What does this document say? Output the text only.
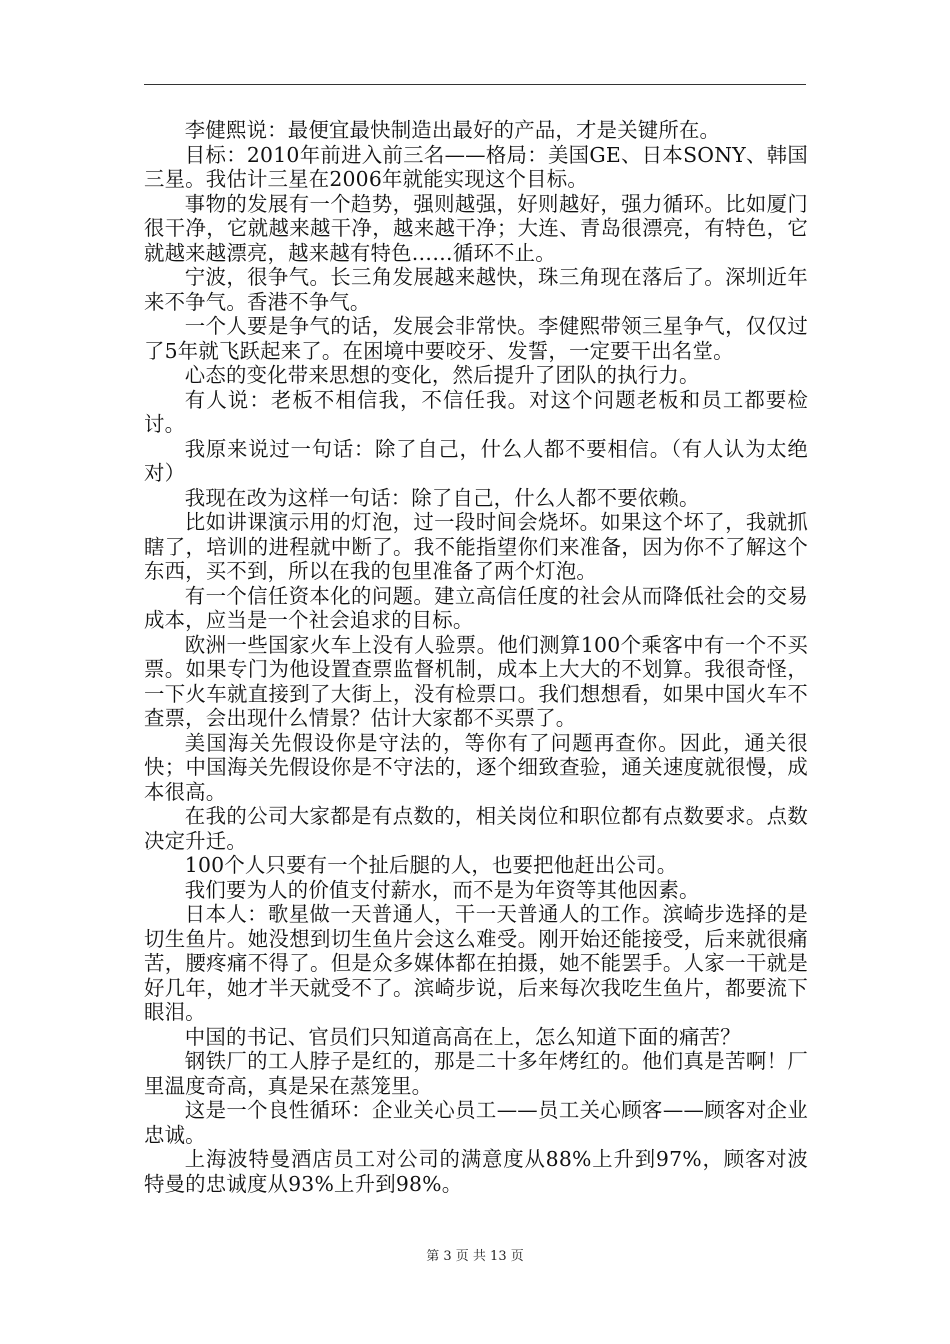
李健熙说：最便宜最快制造出最好的产品，才是关键所在。

目标：2010年前进入前三名——格局：美国GE、日本SONY、韩国三星。我估计三星在2006年就能实现这个目标。

事物的发展有一个趋势，强则越强，好则越好，强力循环。比如厦门很干净，它就越来越干净，越来越干净；大连、青岛很漂亮，有特色，它就越来越漂亮，越来越有特色……循环不止。

宁波，很争气。长三角发展越来越快，珠三角现在落后了。深圳近年来不争气。香港不争气。

一个人要是争气的话，发展会非常快。李健熙带领三星争气，仅仅过了5年就飞跃起来了。在困境中要咬牙、发誓，一定要干出名堂。

心态的变化带来思想的变化，然后提升了团队的执行力。

有人说：老板不相信我，不信任我。对这个问题老板和员工都要检讨。

我原来说过一句话：除了自己，什么人都不要相信。（有人认为太绝对）

我现在改为这样一句话：除了自己，什么人都不要依赖。

比如讲课演示用的灯泡，过一段时间会烧坏。如果这个坏了，我就抓瞎了，培训的进程就中断了。我不能指望你们来准备，因为你不了解这个东西，买不到，所以在我的包里准备了两个灯泡。

有一个信任资本化的问题。建立高信任度的社会从而降低社会的交易成本，应当是一个社会追求的目标。

欧洲一些国家火车上没有人验票。他们测算100个乘客中有一个不买票。如果专门为他设置查票监督机制，成本上大大的不划算。我很奇怪，一下火车就直接到了大街上，没有检票口。我们想想看，如果中国火车不查票，会出现什么情景？估计大家都不买票了。

美国海关先假设你是守法的，等你有了问题再查你。因此，通关很快；中国海关先假设你是不守法的，逐个细致查验，通关速度就很慢，成本很高。

在我的公司大家都是有点数的，相关岗位和职位都有点数要求。点数决定升迁。

100个人只要有一个扯后腿的人，也要把他赶出公司。

我们要为人的价值支付薪水，而不是为年资等其他因素。

日本人：歌星做一天普通人，干一天普通人的工作。滨崎步选择的是切生鱼片。她没想到切生鱼片会这么难受。刚开始还能接受，后来就很痛苦，腰疼痛不得了。但是众多媒体都在拍摄，她不能罢手。人家一干就是好几年，她才半天就受不了。滨崎步说，后来每次我吃生鱼片，都要流下眼泪。

中国的书记、官员们只知道高高在上，怎么知道下面的痛苦？

钢铁厂的工人脖子是红的，那是二十多年烤红的。他们真是苦啊！厂里温度奇高，真是呆在蒸笼里。

这是一个良性循环：企业关心员工——员工关心顾客——顾客对企业忠诚。

上海波特曼酒店员工对公司的满意度从88%上升到97%，顾客对波特曼的忠诚度从93%上升到98%。

第 3 页 共 13 页
